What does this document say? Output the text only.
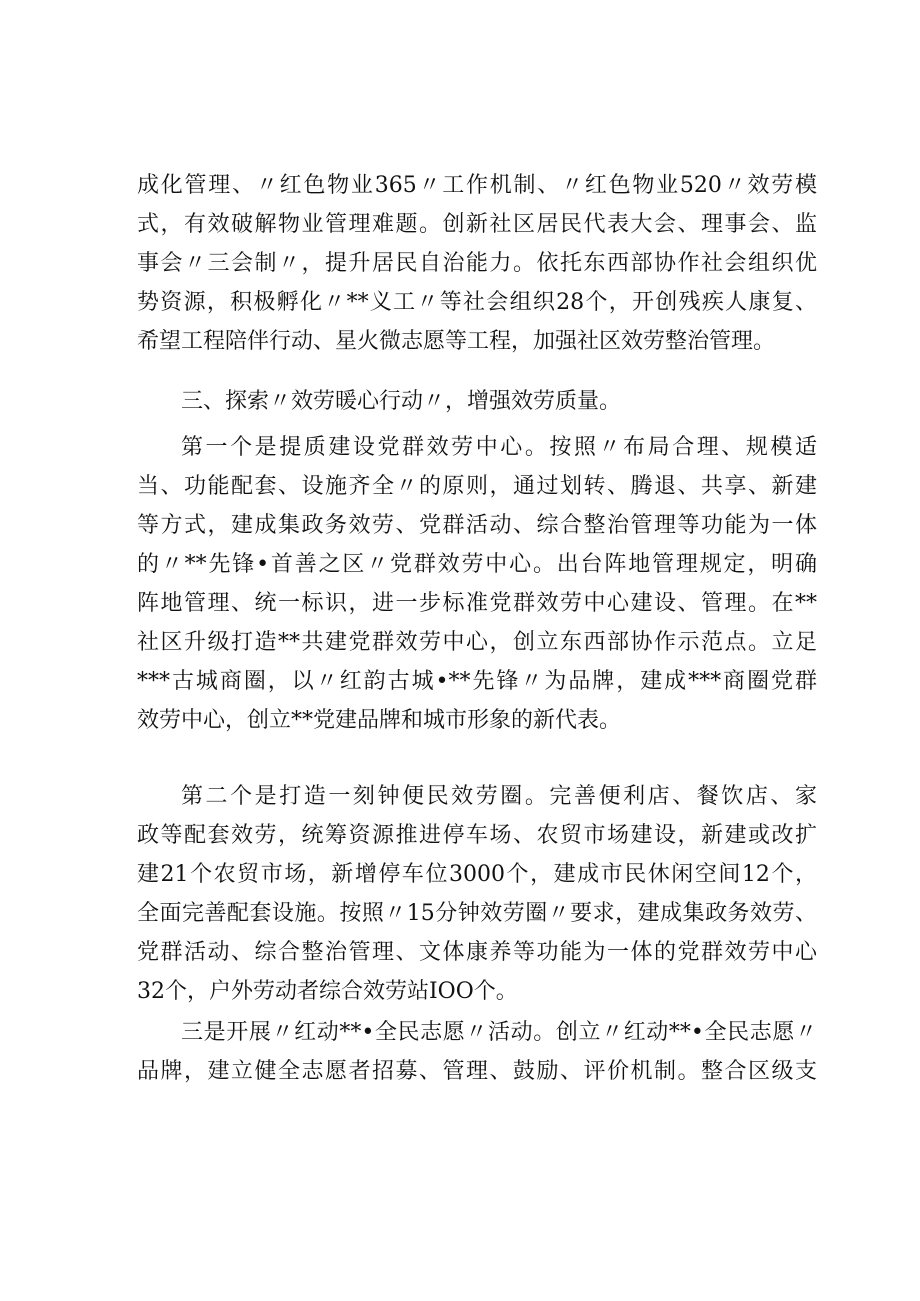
成化管理、〃红色物业365〃工作机制、〃红色物业520〃效劳模
式，有效破解物业管理难题。创新社区居民代表大会、理事会、监
事会〃三会制〃，提升居民自治能力。依托东西部协作社会组织优
势资源，积极孵化〃**义工〃等社会组织28个，开创残疾人康复、
希望工程陪伴行动、星火微志愿等工程，加强社区效劳整治管理。
三、探索〃效劳暖心行动〃，增强效劳质量。
第一个是提质建设党群效劳中心。按照〃布局合理、规模适
当、功能配套、设施齐全〃的原则，通过划转、腾退、共享、新建
等方式，建成集政务效劳、党群活动、综合整治管理等功能为一体
的〃**先锋•首善之区〃党群效劳中心。出台阵地管理规定，明确
阵地管理、统一标识，进一步标准党群效劳中心建设、管理。在**
社区升级打造**共建党群效劳中心，创立东西部协作示范点。立足
***古城商圈，以〃红韵古城•**先锋〃为品牌，建成***商圈党群
效劳中心，创立**党建品牌和城市形象的新代表。
第二个是打造一刻钟便民效劳圈。完善便利店、餐饮店、家
政等配套效劳，统筹资源推进停车场、农贸市场建设，新建或改扩
建21个农贸市场，新增停车位3000个，建成市民休闲空间12个，
全面完善配套设施。按照〃15分钟效劳圈〃要求，建成集政务效劳、
党群活动、综合整治管理、文体康养等功能为一体的党群效劳中心
32个，户外劳动者综合效劳站IOO个。
三是开展〃红动**•全民志愿〃活动。创立〃红动**•全民志愿〃
品牌，建立健全志愿者招募、管理、鼓励、评价机制。整合区级支
